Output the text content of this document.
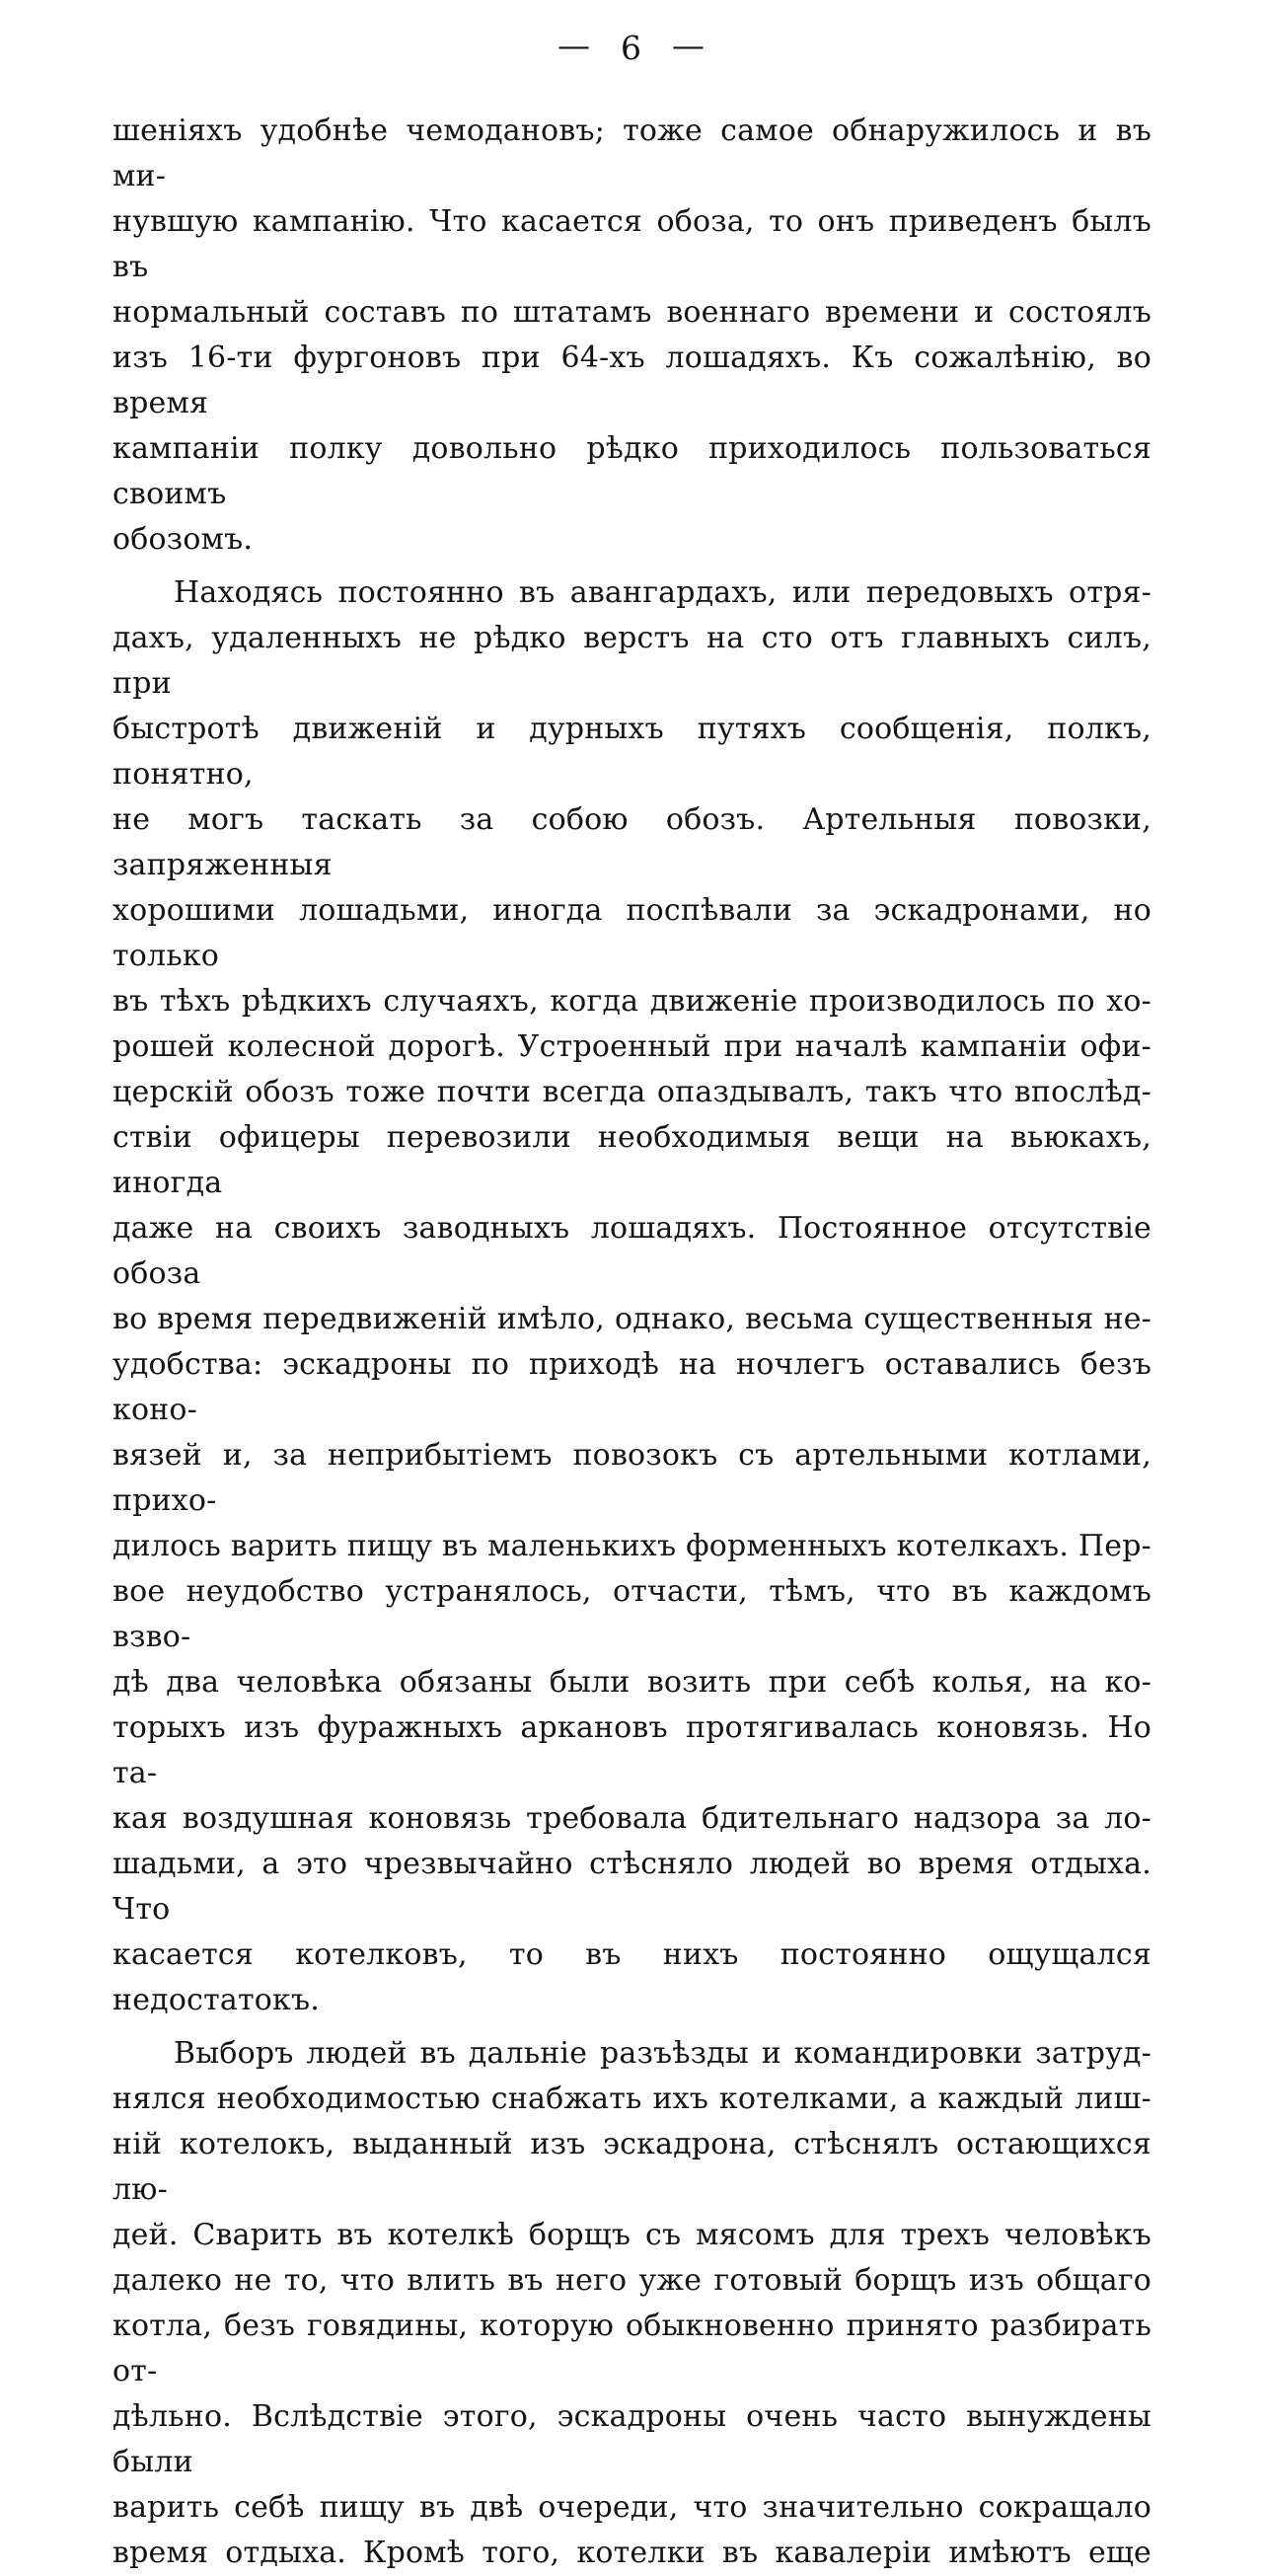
— 6 —
шеніяхъ удобнѣе чемодановъ; тоже самое обнаружилось и въ ми-
нувшую кампанію. Что касается обоза, то онъ приведенъ былъ въ
нормальный составъ по штатамъ военнаго времени и состоялъ
изъ 16-ти фургоновъ при 64-хъ лошадяхъ. Къ сожалѣнію, во время
кампаніи полку довольно рѣдко приходилось пользоваться своимъ
обозомъ.
Находясь постоянно въ авангардахъ, или передовыхъ отря-
дахъ, удаленныхъ не рѣдко верстъ на сто отъ главныхъ силъ, при
быстротѣ движеній и дурныхъ путяхъ сообщенія, полкъ, понятно,
не могъ таскать за собою обозъ. Артельныя повозки, запряженныя
хорошими лошадьми, иногда поспѣвали за эскадронами, но только
въ тѣхъ рѣдкихъ случаяхъ, когда движеніе производилось по хо-
рошей колесной дорогѣ. Устроенный при началѣ кампаніи офи-
церскій обозъ тоже почти всегда опаздывалъ, такъ что впослѣд-
ствіи офицеры перевозили необходимыя вещи на вьюкахъ, иногда
даже на своихъ заводныхъ лошадяхъ. Постоянное отсутствіе обоза
во время передвиженій имѣло, однако, весьма существенныя не-
удобства: эскадроны по приходѣ на ночлегъ оставались безъ коно-
вязей и, за неприбытіемъ повозокъ съ артельными котлами, прихо-
дилось варить пищу въ маленькихъ форменныхъ котелкахъ. Пер-
вое неудобство устранялось, отчасти, тѣмъ, что въ каждомъ взво-
дѣ два человѣка обязаны были возить при себѣ колья, на ко-
торыхъ изъ фуражныхъ аркановъ протягивалась коновязь. Но та-
кая воздушная коновязь требовала бдительнаго надзора за ло-
шадьми, а это чрезвычайно стѣсняло людей во время отдыха. Что
касается котелковъ, то въ нихъ постоянно ощущался недостатокъ.
Выборъ людей въ дальніе разъѣзды и командировки затруд-
нялся необходимостью снабжать ихъ котелками, а каждый лиш-
ній котелокъ, выданный изъ эскадрона, стѣснялъ остающихся лю-
дей. Сварить въ котелкѣ борщъ съ мясомъ для трехъ человѣкъ
далеко не то, что влить въ него уже готовый борщъ изъ общаго
котла, безъ говядины, которую обыкновенно принято разбирать от-
дѣльно. Вслѣдствіе этого, эскадроны очень часто вынуждены были
варить себѣ пищу въ двѣ очереди, что значительно сокращало
время отдыха. Кромѣ того, котелки въ кавалеріи имѣютъ еще
